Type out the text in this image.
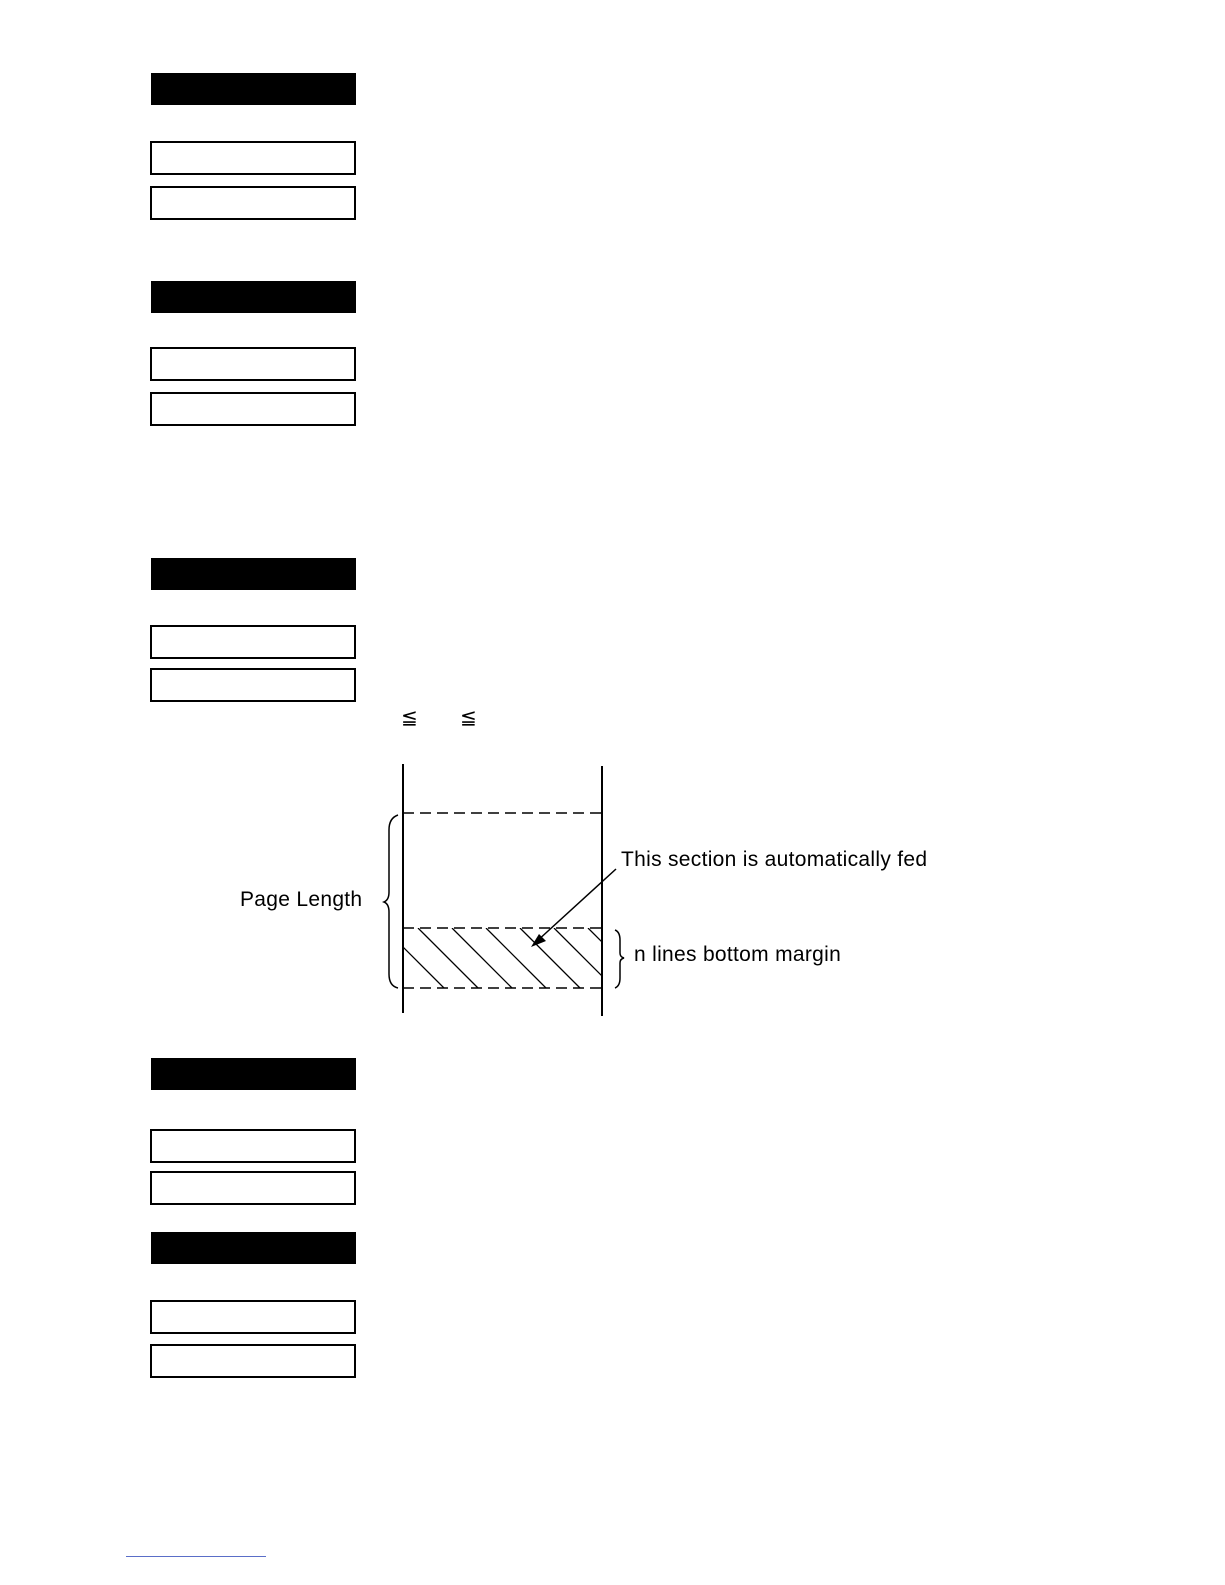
≦ ≦
Page Length
This section is automatically fed
n lines bottom margin
